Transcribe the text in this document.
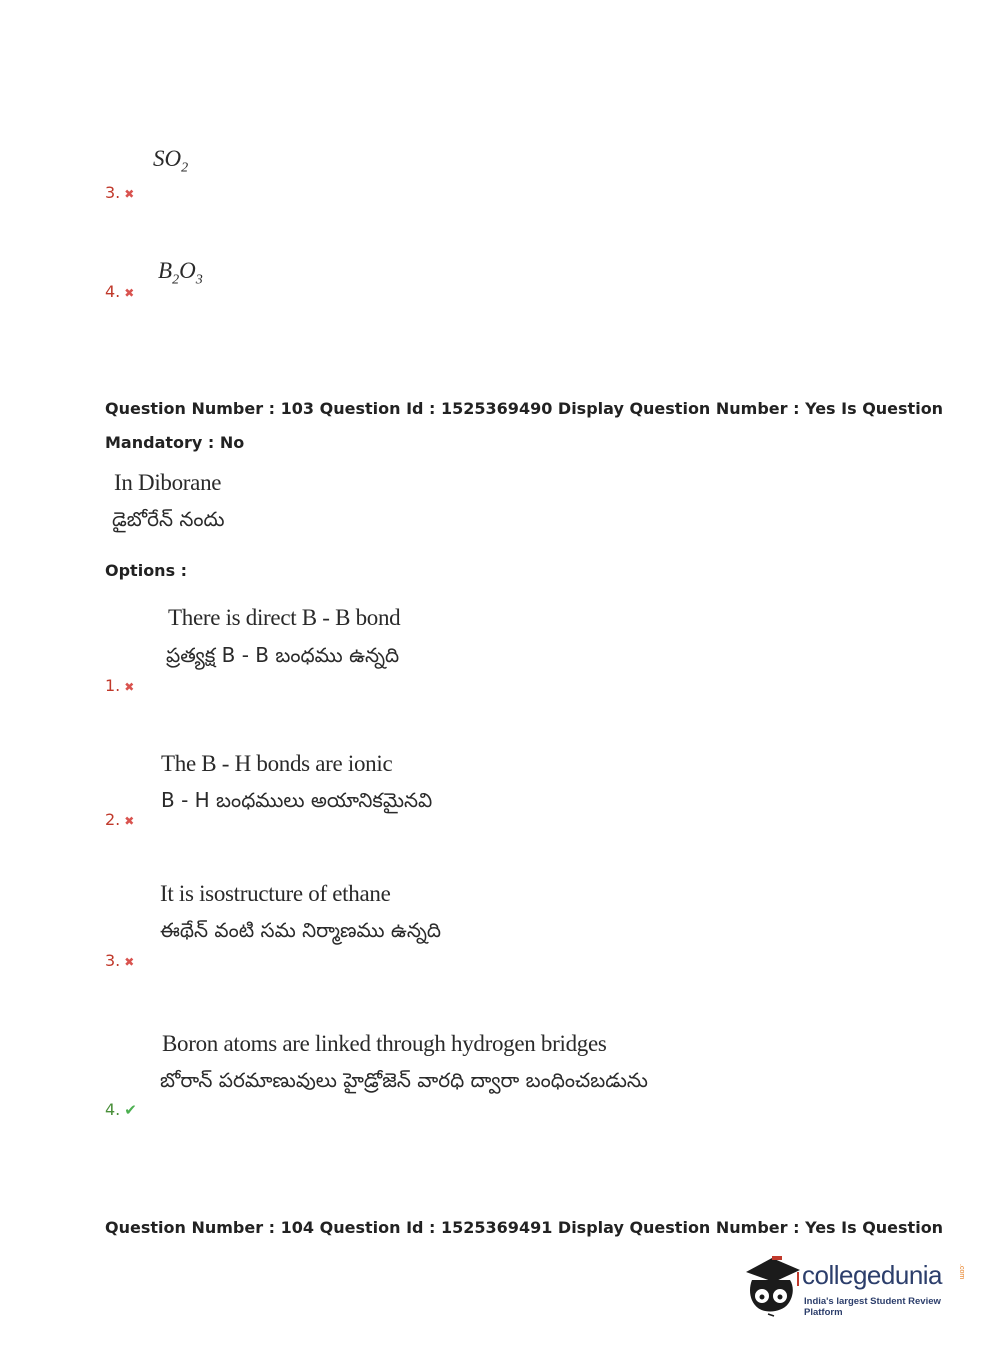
$SO_2$
3. ✖
$B_2O_3$
4. ✖
Question Number : 103 Question Id : 1525369490 Display Question Number : Yes Is Question
Mandatory : No
In Diborane
డైబోరేన్ నందు
Options :
There is direct B - B bond
ప్రత్యక్ష B - B బంధము ఉన్నది
1. ✖
The B - H bonds are ionic
B - H బంధములు అయానికమైనవి
2. ✖
It is isostructure of ethane
ఈథేన్ వంటి సమ నిర్మాణము ఉన్నది
3. ✖
Boron atoms are linked through hydrogen bridges
బోరాన్ పరమాణువులు హైడ్రోజెన్ వారధి ద్వారా బంధించబడును
4. ✔
Question Number : 104 Question Id : 1525369491 Display Question Number : Yes Is Question
collegedunia .com
India's largest Student Review Platform
